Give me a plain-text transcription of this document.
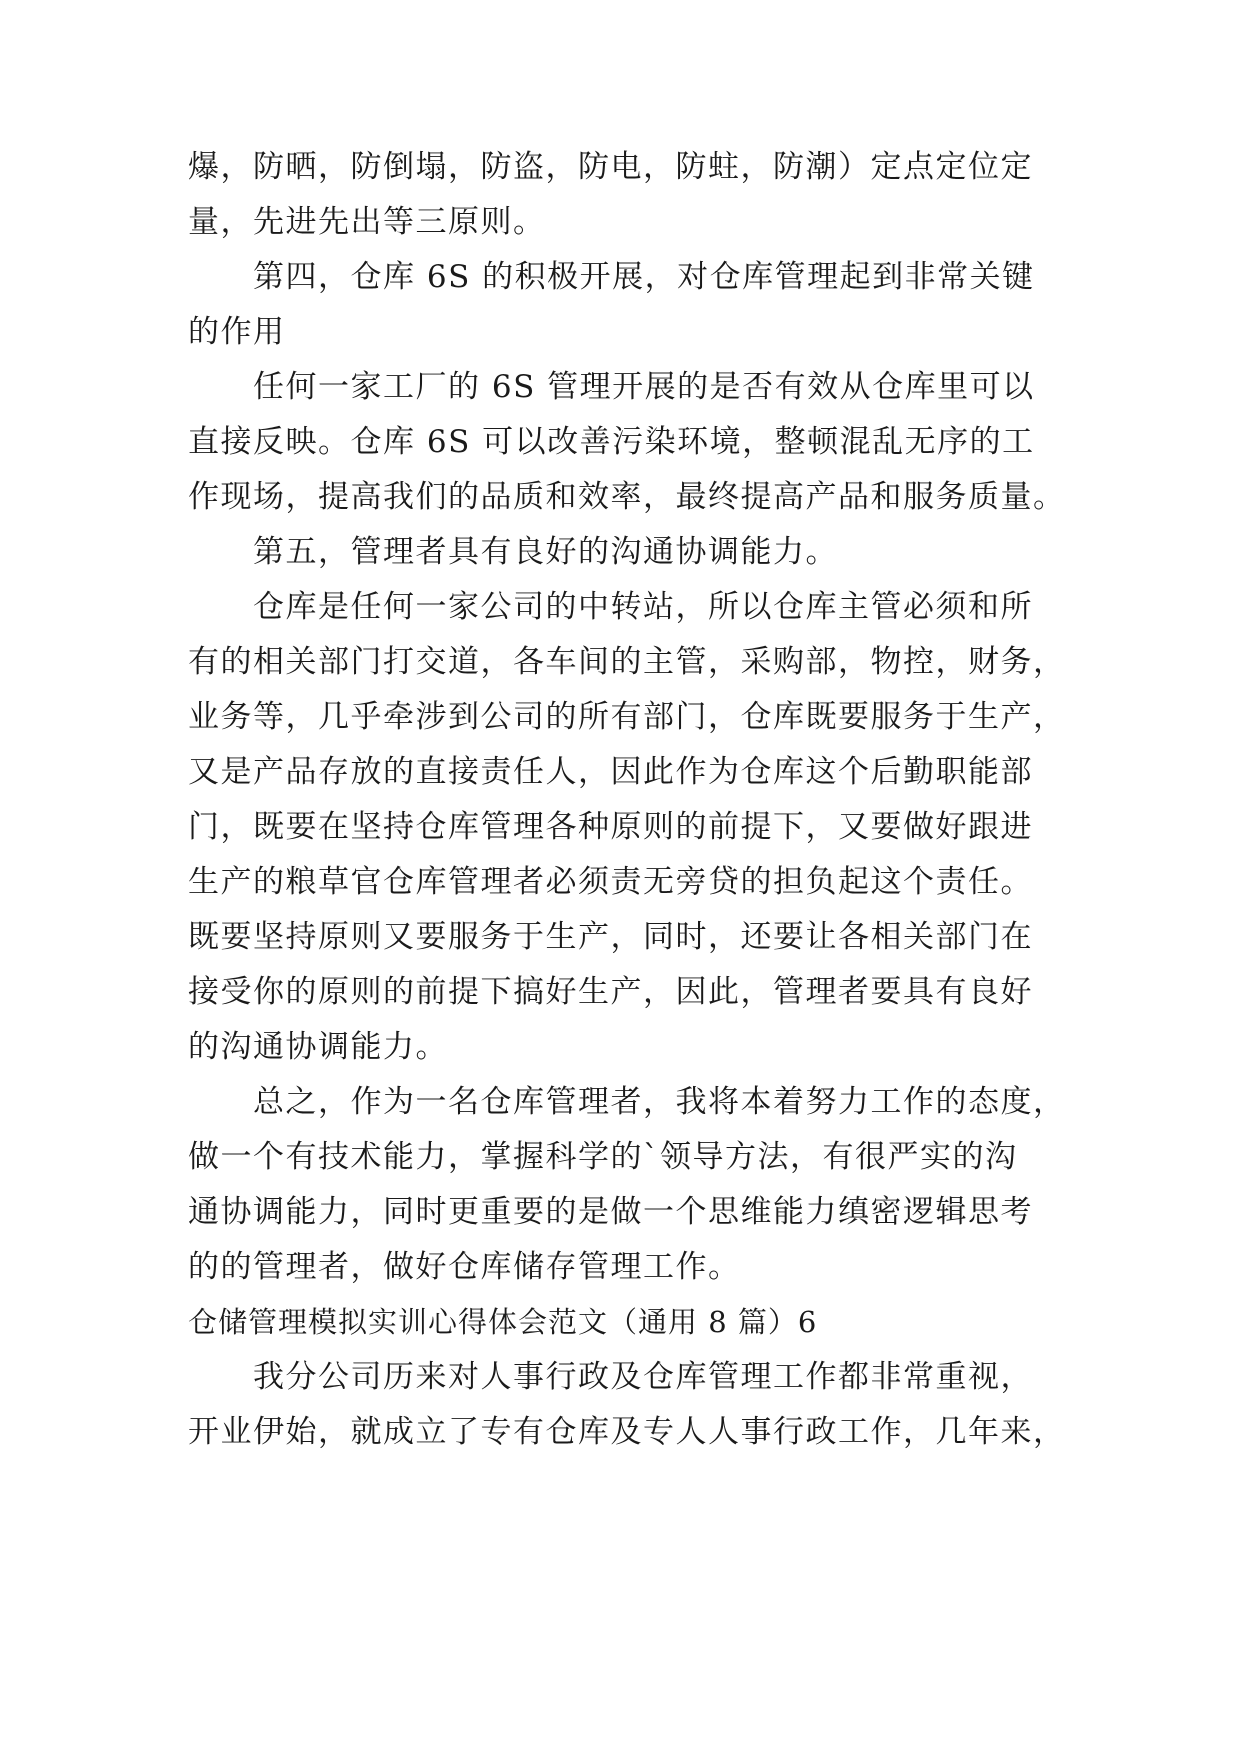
爆，防晒，防倒塌，防盗，防电，防蛀，防潮）定点定位定
量，先进先出等三原则。
　　第四，仓库 6S 的积极开展，对仓库管理起到非常关键
的作用
　　任何一家工厂的 6S 管理开展的是否有效从仓库里可以
直接反映。仓库 6S 可以改善污染环境，整顿混乱无序的工
作现场，提高我们的品质和效率，最终提高产品和服务质量。
　　第五，管理者具有良好的沟通协调能力。
　　仓库是任何一家公司的中转站，所以仓库主管必须和所
有的相关部门打交道，各车间的主管，采购部，物控，财务，
业务等，几乎牵涉到公司的所有部门，仓库既要服务于生产，
又是产品存放的直接责任人，因此作为仓库这个后勤职能部
门，既要在坚持仓库管理各种原则的前提下，又要做好跟进
生产的粮草官仓库管理者必须责无旁贷的担负起这个责任。
既要坚持原则又要服务于生产，同时，还要让各相关部门在
接受你的原则的前提下搞好生产，因此，管理者要具有良好
的沟通协调能力。
　　总之，作为一名仓库管理者，我将本着努力工作的态度，
做一个有技术能力，掌握科学的`领导方法，有很严实的沟
通协调能力，同时更重要的是做一个思维能力缜密逻辑思考
的的管理者，做好仓库储存管理工作。
仓储管理模拟实训心得体会范文（通用 8 篇）6
　　我分公司历来对人事行政及仓库管理工作都非常重视，
开业伊始，就成立了专有仓库及专人人事行政工作，几年来，
